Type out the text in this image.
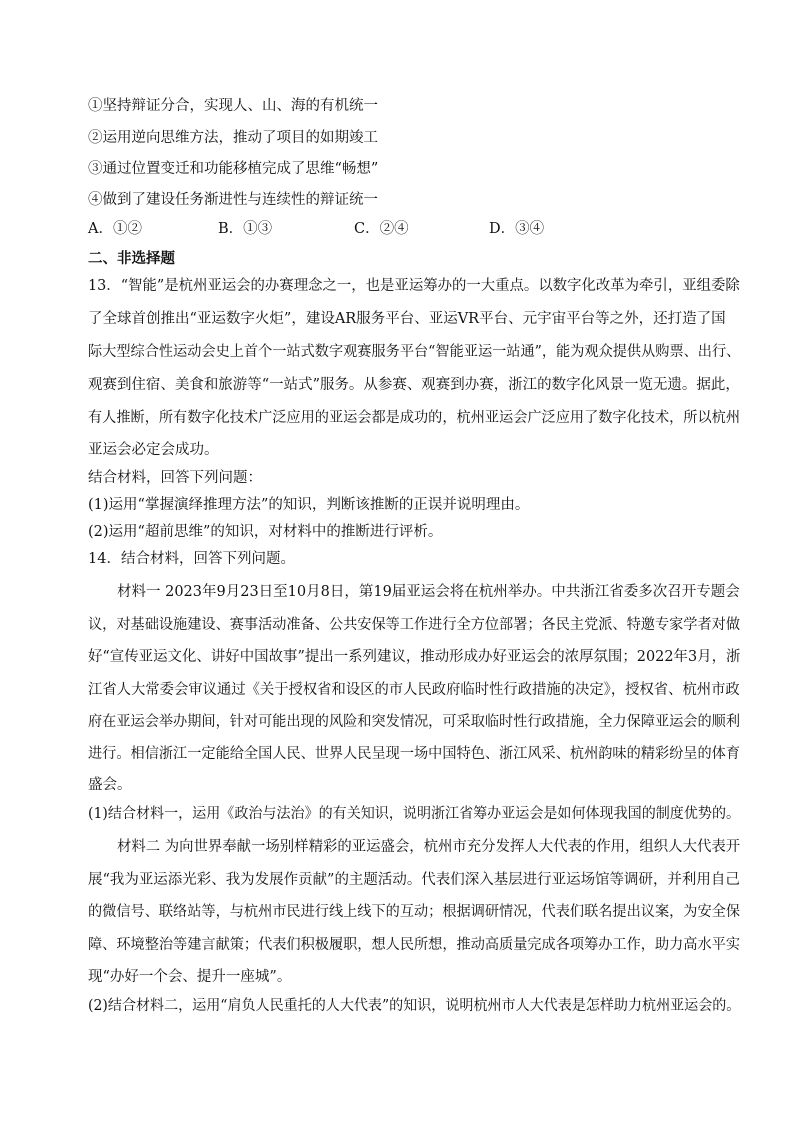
①坚持辩证分合，实现人、山、海的有机统一
②运用逆向思维方法，推动了项目的如期竣工
③通过位置变迁和功能移植完成了思维“畅想”
④做到了建设任务渐进性与连续性的辩证统一
A．①②	B．①③	C．②④	D．③④
二、非选择题
13．“智能”是杭州亚运会的办赛理念之一，也是亚运筹办的一大重点。以数字化改革为牵引，亚组委除
了全球首创推出“亚运数字火炬”，建设AR服务平台、亚运VR平台、元宇宙平台等之外，还打造了国
际大型综合性运动会史上首个一站式数字观赛服务平台“智能亚运一站通”，能为观众提供从购票、出行、
观赛到住宿、美食和旅游等“一站式”服务。从参赛、观赛到办赛，浙江的数字化风景一览无遗。据此，
有人推断，所有数字化技术广泛应用的亚运会都是成功的，杭州亚运会广泛应用了数字化技术，所以杭州
亚运会必定会成功。
结合材料，回答下列问题：
(1)运用“掌握演绎推理方法”的知识，判断该推断的正误并说明理由。
(2)运用“超前思维”的知识，对材料中的推断进行评析。
14．结合材料，回答下列问题。
材料一 2023年9月23日至10月8日，第19届亚运会将在杭州举办。中共浙江省委多次召开专题会
议，对基础设施建设、赛事活动准备、公共安保等工作进行全方位部署；各民主党派、特邀专家学者对做
好“宣传亚运文化、讲好中国故事”提出一系列建议，推动形成办好亚运会的浓厚氛围；2022年3月，浙
江省人大常委会审议通过《关于授权省和设区的市人民政府临时性行政措施的决定》，授权省、杭州市政
府在亚运会举办期间，针对可能出现的风险和突发情况，可采取临时性行政措施，全力保障亚运会的顺利
进行。相信浙江一定能给全国人民、世界人民呈现一场中国特色、浙江风采、杭州韵味的精彩纷呈的体育
盛会。
(1)结合材料一，运用《政治与法治》的有关知识，说明浙江省筹办亚运会是如何体现我国的制度优势的。
材料二 为向世界奉献一场别样精彩的亚运盛会，杭州市充分发挥人大代表的作用，组织人大代表开
展“我为亚运添光彩、我为发展作贡献”的主题活动。代表们深入基层进行亚运场馆等调研，并利用自己
的微信号、联络站等，与杭州市民进行线上线下的互动；根据调研情况，代表们联名提出议案，为安全保
障、环境整治等建言献策；代表们积极履职，想人民所想，推动高质量完成各项筹办工作，助力高水平实
现“办好一个会、提升一座城”。
(2)结合材料二，运用“肩负人民重托的人大代表”的知识，说明杭州市人大代表是怎样助力杭州亚运会的。
